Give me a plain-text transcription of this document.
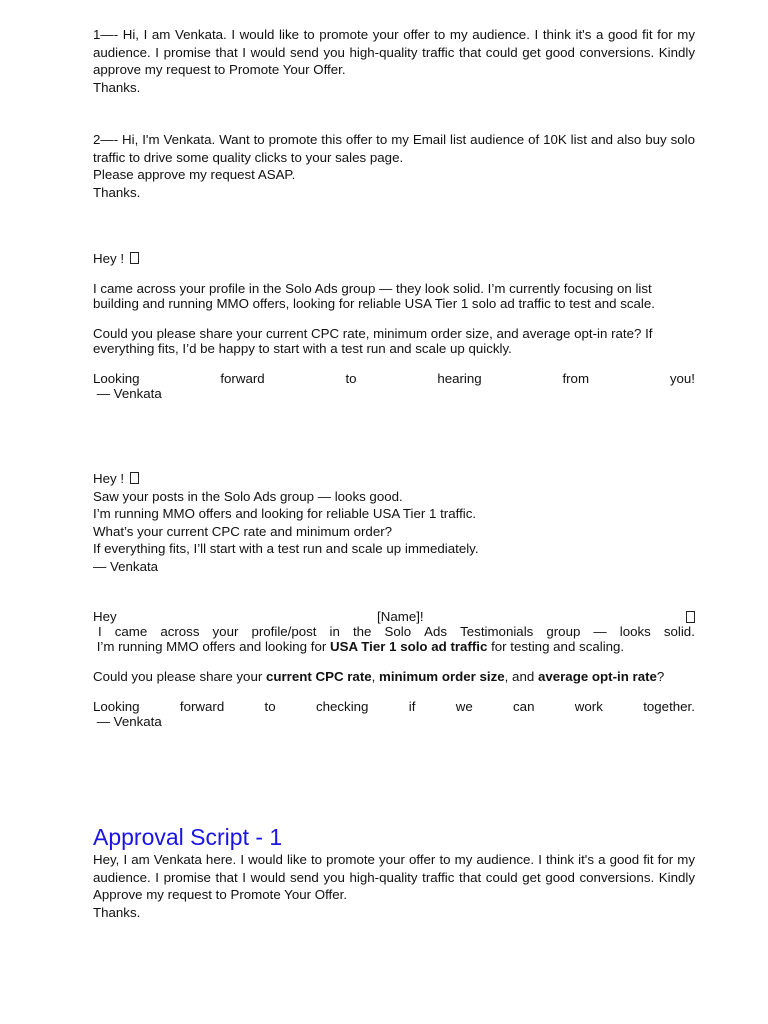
1—- Hi, I am Venkata. I would like to promote your offer to my audience. I think it's a good fit for my audience. I promise that I would send you high-quality traffic that could get good conversions. Kindly approve my request to Promote Your Offer.

Thanks.

2—- Hi, I'm Venkata. Want to promote this offer to my Email list audience of 10K list and also buy solo traffic to drive some quality clicks to your sales page.

Please approve my request ASAP.

Thanks.

Hey !

I came across your profile in the Solo Ads group — they look solid. I’m currently focusing on list building and running MMO offers, looking for reliable USA Tier 1 solo ad traffic to test and scale.

Could you please share your current CPC rate, minimum order size, and average opt-in rate? If everything fits, I’d be happy to start with a test run and scale up quickly.

Looking	forward	to	hearing	from	you!

— Venkata

Hey !

Saw your posts in the Solo Ads group — looks good.

I’m running MMO offers and looking for reliable USA Tier 1 traffic.

What’s your current CPC rate and minimum order?

If everything fits, I’ll start with a test run and scale up immediately.

— Venkata

Hey	[Name]!
I came across your profile/post in the Solo Ads Testimonials group — looks solid.

I’m running MMO offers and looking for USA Tier 1 solo ad traffic for testing and scaling.

Could you please share your current CPC rate, minimum order size, and average opt-in rate?

Looking	forward	to	checking	if	we	can	work	together.

— Venkata

Approval Script - 1

Hey, I am Venkata here. I would like to promote your offer to my audience. I think it's a good fit for my audience. I promise that I would send you high-quality traffic that could get good conversions. Kindly Approve my request to Promote Your Offer.

Thanks.
